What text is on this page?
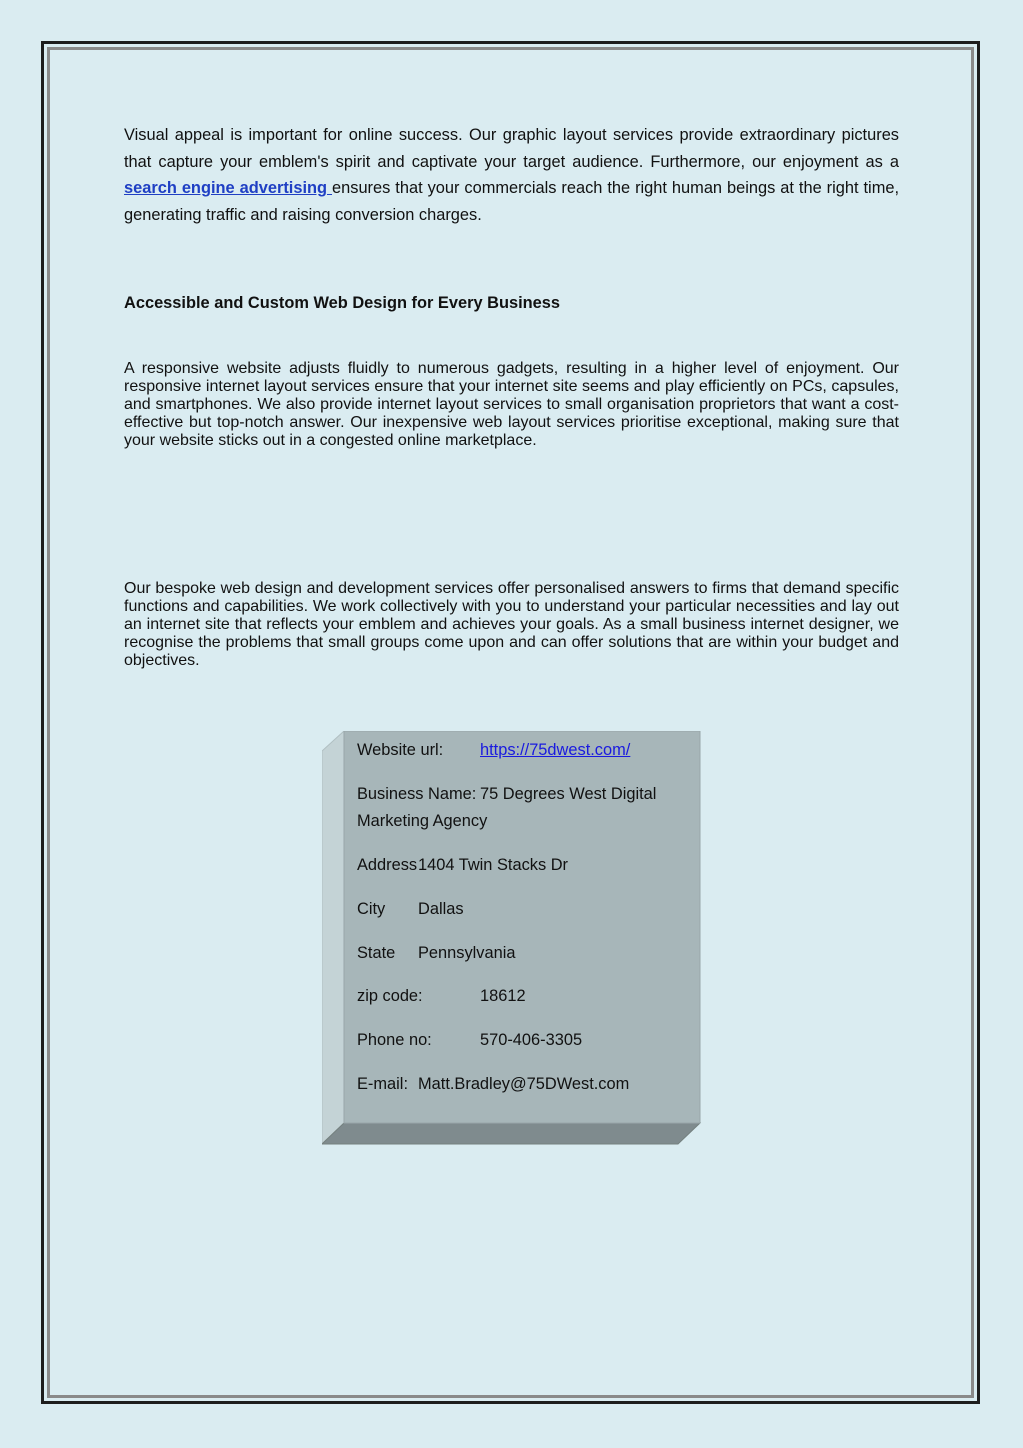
Visual appeal is important for online success. Our graphic layout services provide extraordinary pictures that capture your emblem's spirit and captivate your target audience. Furthermore, our enjoyment as a search engine advertising ensures that your commercials reach the right human beings at the right time, generating traffic and raising conversion charges.

Accessible and Custom Web Design for Every Business

A responsive website adjusts fluidly to numerous gadgets, resulting in a higher level of enjoyment. Our responsive internet layout services ensure that your internet site seems and play efficiently on PCs, capsules, and smartphones. We also provide internet layout services to small organisation proprietors that want a cost-effective but top-notch answer. Our inexpensive web layout services prioritise exceptional, making sure that your website sticks out in a congested online marketplace.

Our bespoke web design and development services offer personalised answers to firms that demand specific functions and capabilities. We work collectively with you to understand your particular necessities and lay out an internet site that reflects your emblem and achieves your goals. As a small business internet designer, we recognise the problems that small groups come upon and can offer solutions that are within your budget and objectives.

Website url: https://75dwest.com/
Business Name: 75 Degrees West Digital
Marketing Agency
Address 1404 Twin Stacks Dr
City Dallas
State Pennsylvania
zip code:	18612
Phone no:	570-406-3305
E-mail: Matt.Bradley@75DWest.com
